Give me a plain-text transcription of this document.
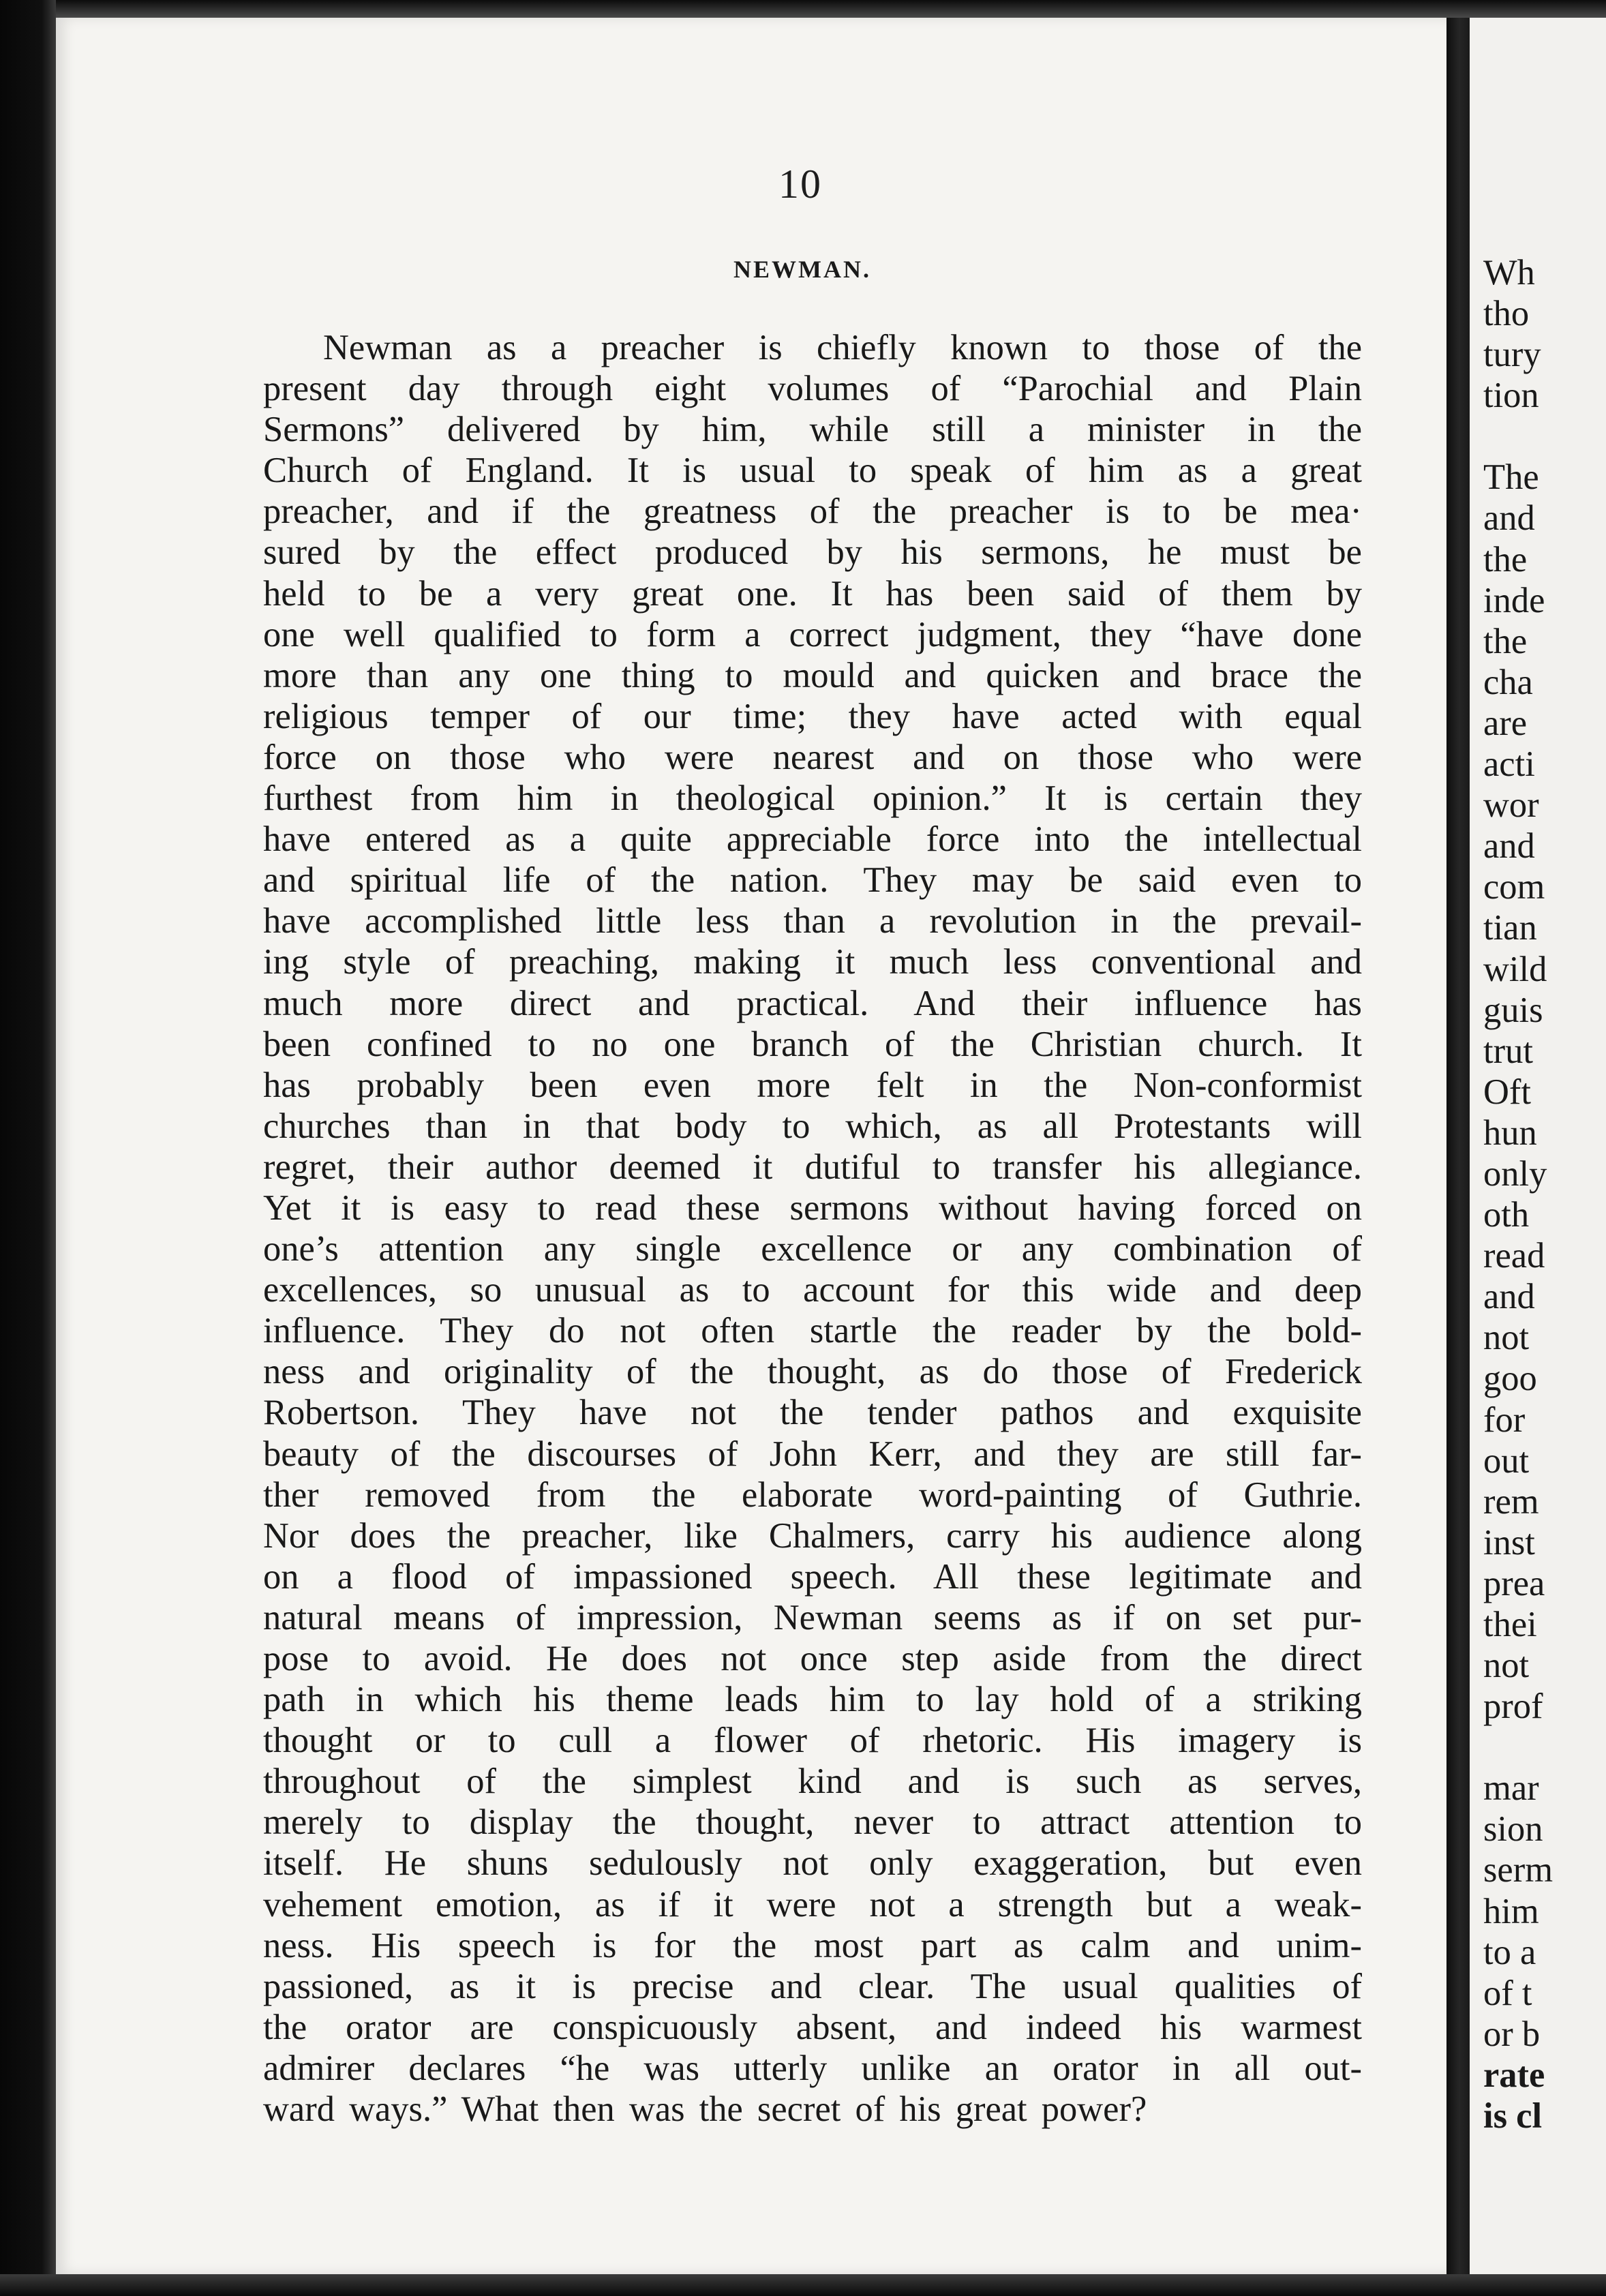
10
NEWMAN.
Newman as a preacher is chiefly known to those of the
present day through eight volumes of “Parochial and Plain
Sermons” delivered by him, while still a minister in the
Church of England. It is usual to speak of him as a great
preacher, and if the greatness of the preacher is to be mea·
sured by the effect produced by his sermons, he must be
held to be a very great one. It has been said of them by
one well qualified to form a correct judgment, they “have done
more than any one thing to mould and quicken and brace the
religious temper of our time; they have acted with equal
force on those who were nearest and on those who were
furthest from him in theological opinion.” It is certain they
have entered as a quite appreciable force into the intellectual
and spiritual life of the nation. They may be said even to
have accomplished little less than a revolution in the prevail-
ing style of preaching, making it much less conventional and
much more direct and practical. And their influence has
been confined to no one branch of the Christian church. It
has probably been even more felt in the Non-conformist
churches than in that body to which, as all Protestants will
regret, their author deemed it dutiful to transfer his allegiance.
Yet it is easy to read these sermons without having forced on
one’s attention any single excellence or any combination of
excellences, so unusual as to account for this wide and deep
influence. They do not often startle the reader by the bold-
ness and originality of the thought, as do those of Frederick
Robertson. They have not the tender pathos and exquisite
beauty of the discourses of John Kerr, and they are still far-
ther removed from the elaborate word-painting of Guthrie.
Nor does the preacher, like Chalmers, carry his audience along
on a flood of impassioned speech. All these legitimate and
natural means of impression, Newman seems as if on set pur-
pose to avoid. He does not once step aside from the direct
path in which his theme leads him to lay hold of a striking
thought or to cull a flower of rhetoric. His imagery is
throughout of the simplest kind and is such as serves,
merely to display the thought, never to attract attention to
itself. He shuns sedulously not only exaggeration, but even
vehement emotion, as if it were not a strength but a weak-
ness. His speech is for the most part as calm and unim-
passioned, as it is precise and clear. The usual qualities of
the orator are conspicuously absent, and indeed his warmest
admirer declares “he was utterly unlike an orator in all out-
ward ways.” What then was the secret of his great power?
Wh
tho
tury
tion
The
and
the
inde
the
cha
are
acti
wor
and
com
tian
wild
guis
trut
Oft
hun
only
oth
read
and
not
goo
for
out
rem
inst
prea
thei
not
prof
mar
sion
serm
him
to a
of t
or b
rate
is cl
